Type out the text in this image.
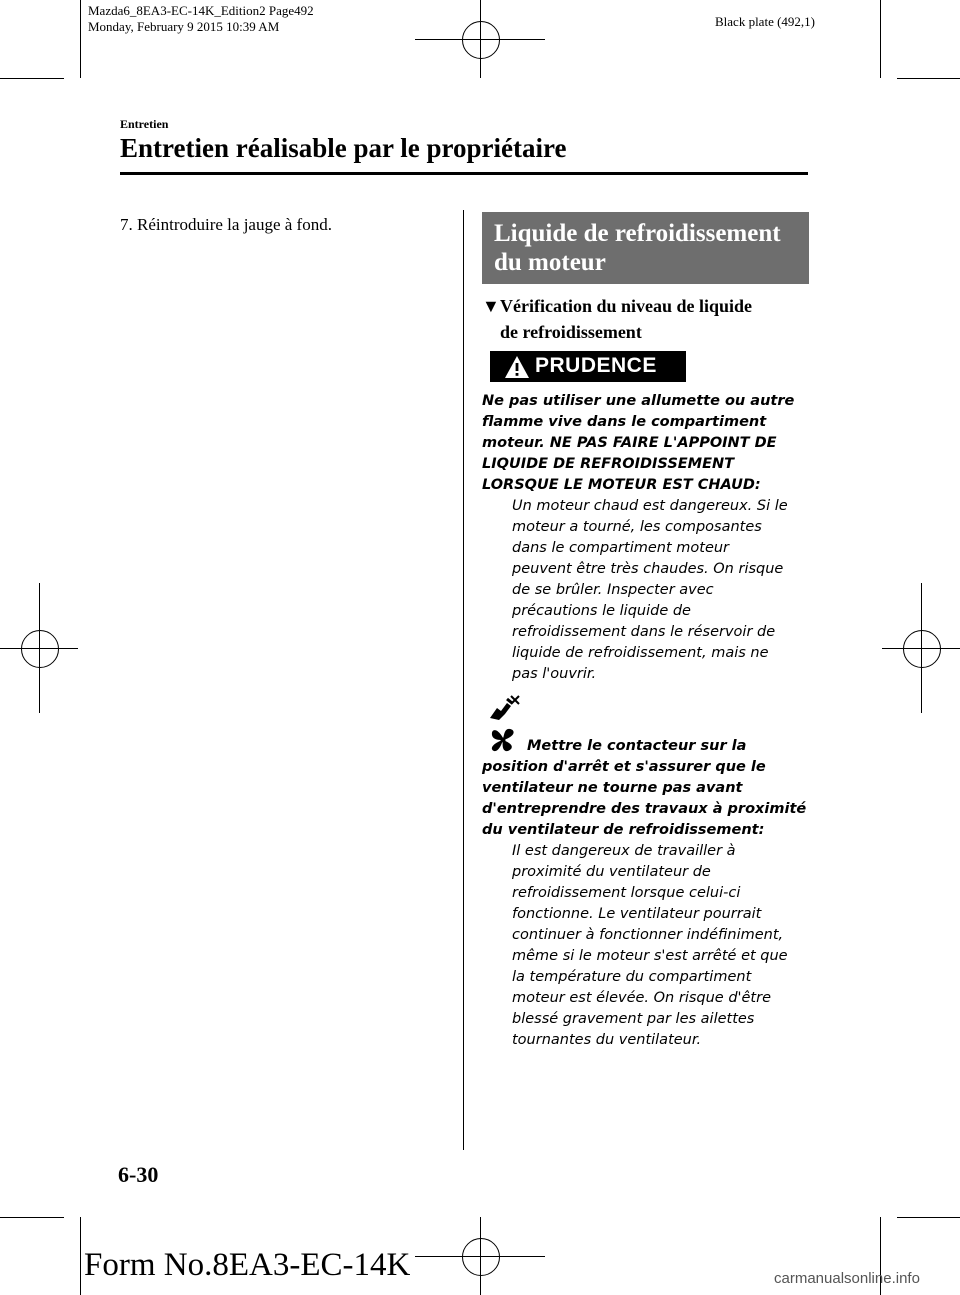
Mazda6_8EA3-EC-14K_Edition2 Page492
Monday, February 9 2015 10:39 AM	Black plate (492,1)
Entretien
Entretien réalisable par le propriétaire
7. Réintroduire la jauge à fond.	Liquide de refroidissement
du moteur
▼Vérification du niveau de liquide
de refroidissement
PRUDENCE
Ne pas utiliser une allumette ou autre
flamme vive dans le compartiment
moteur. NE PAS FAIRE L'APPOINT DE
LIQUIDE DE REFROIDISSEMENT
LORSQUE LE MOTEUR EST CHAUD:
Un moteur chaud est dangereux. Si le
moteur a tourné, les composantes
dans le compartiment moteur
peuvent être très chaudes. On risque
de se brûler. Inspecter avec
précautions le liquide de
refroidissement dans le réservoir de
liquide de refroidissement, mais ne
pas l'ouvrir.
Mettre le contacteur sur la
position d'arrêt et s'assurer que le
ventilateur ne tourne pas avant
d'entreprendre des travaux à proximité
du ventilateur de refroidissement:
Il est dangereux de travailler à
proximité du ventilateur de
refroidissement lorsque celui-ci
fonctionne. Le ventilateur pourrait
continuer à fonctionner indéfiniment,
même si le moteur s'est arrêté et que
la température du compartiment
moteur est élevée. On risque d'être
blessé gravement par les ailettes
tournantes du ventilateur.
6-30
Form No.8EA3-EC-14K	carmanualsonline.info
